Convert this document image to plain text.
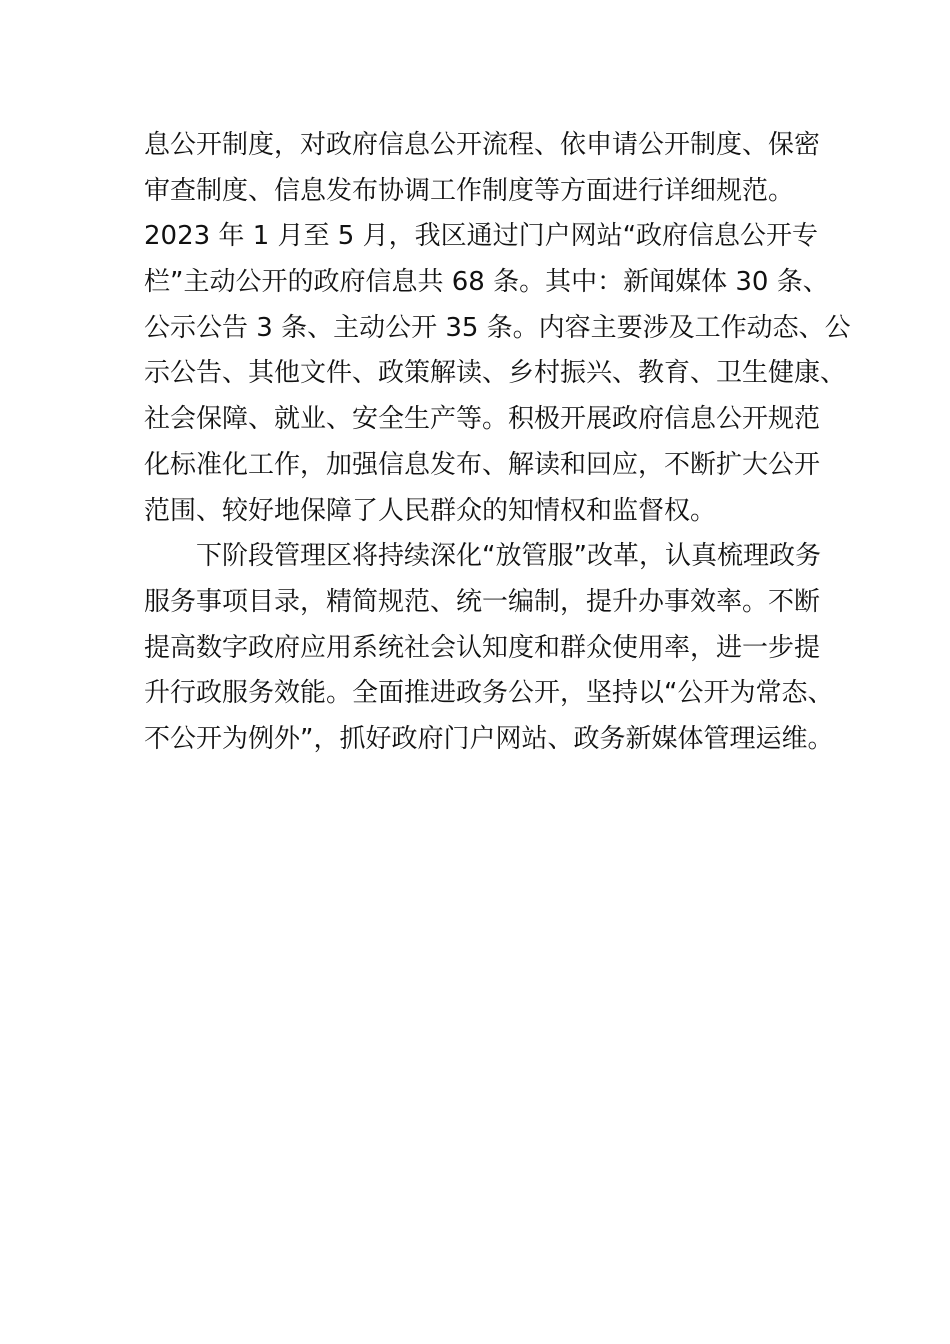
息公开制度，对政府信息公开流程、依申请公开制度、保密
审查制度、信息发布协调工作制度等方面进行详细规范。
2023 年 1 月至 5 月，我区通过门户网站“政府信息公开专
栏”主动公开的政府信息共 68 条。其中：新闻媒体 30 条、
公示公告 3 条、主动公开 35 条。内容主要涉及工作动态、公
示公告、其他文件、政策解读、乡村振兴、教育、卫生健康、
社会保障、就业、安全生产等。积极开展政府信息公开规范
化标准化工作，加强信息发布、解读和回应，不断扩大公开
范围、较好地保障了人民群众的知情权和监督权。
　　下阶段管理区将持续深化“放管服”改革，认真梳理政务
服务事项目录，精简规范、统一编制，提升办事效率。不断
提高数字政府应用系统社会认知度和群众使用率，进一步提
升行政服务效能。全面推进政务公开，坚持以“公开为常态、
不公开为例外”，抓好政府门户网站、政务新媒体管理运维。
